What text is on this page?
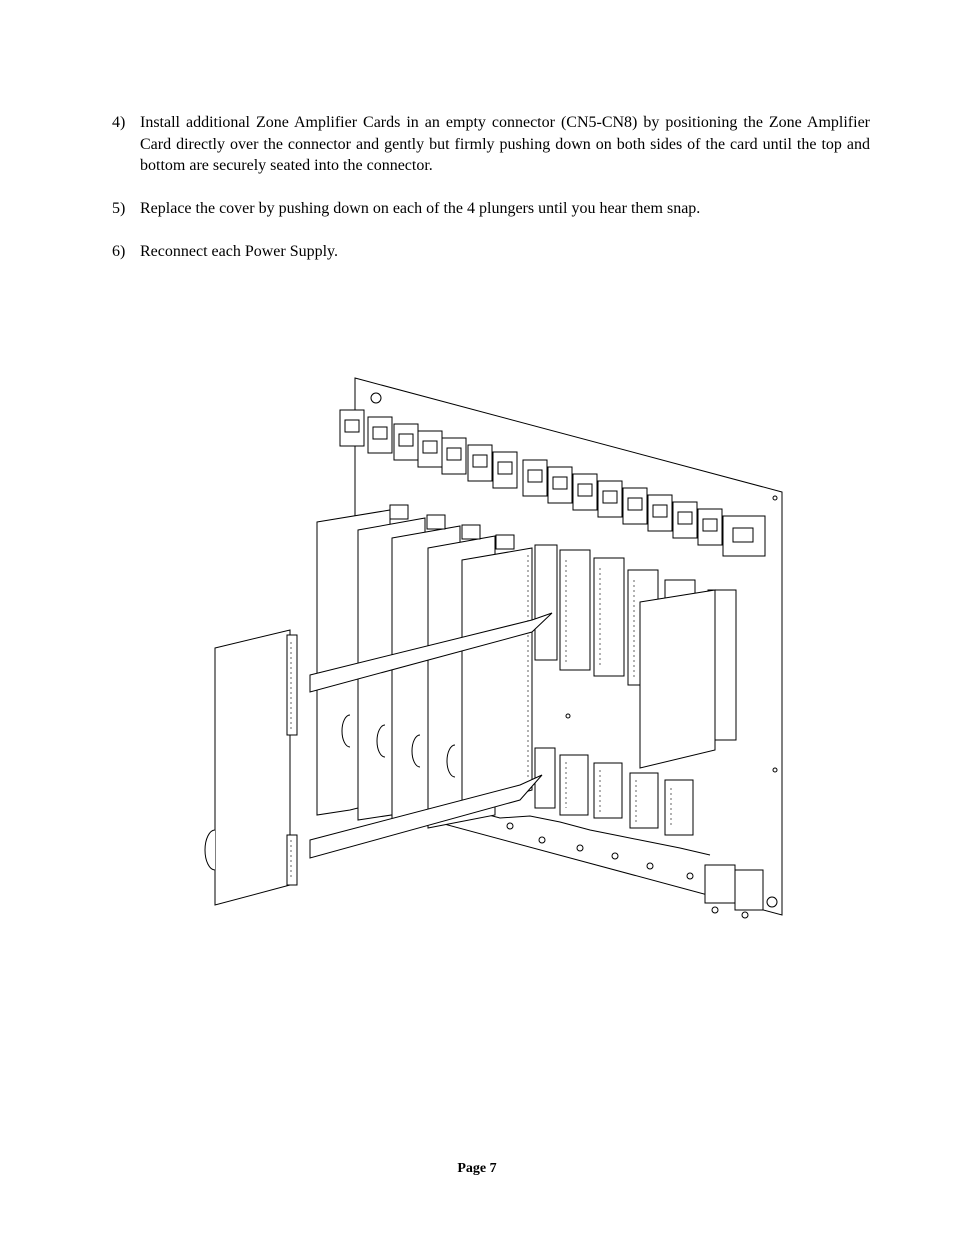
4) Install additional Zone Amplifier Cards in an empty connector (CN5-CN8) by positioning the Zone Amplifier Card directly over the connector and gently but firmly pushing down on both sides of the card until the top and bottom are securely seated into the connector.
5) Replace the cover by pushing down on each of the 4 plungers until you hear them snap.
6) Reconnect each Power Supply.
Page 7
